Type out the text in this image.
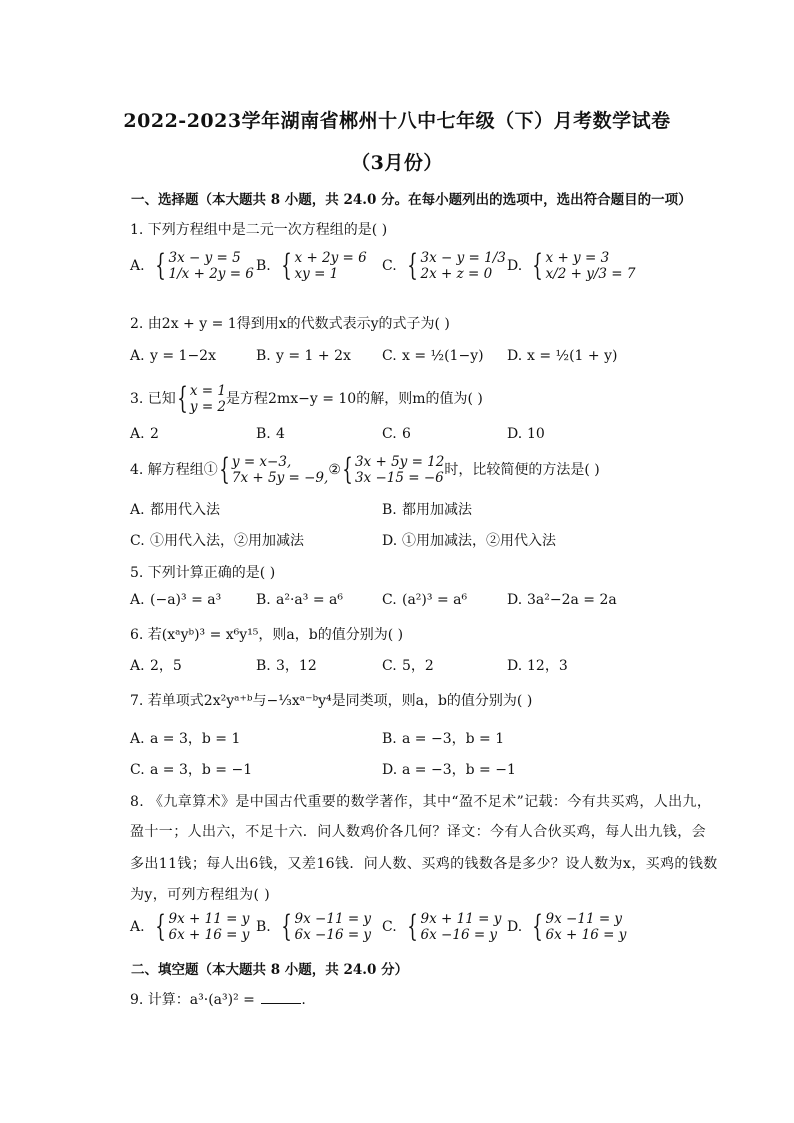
2022-2023学年湖南省郴州十八中七年级（下）月考数学试卷
（3月份）
一、选择题（本大题共 8 小题，共 24.0 分。在每小题列出的选项中，选出符合题目的一项）
1. 下列方程组中是二元一次方程组的是( )
A. { 3x − y = 5
1/x + 2y = 6 B. { x + 2y = 6
xy = 1	C. { 3x − y = 1/3
2x + z = 0	D. { x + y = 3
x/2 + y/3 = 7
2. 由2x + y = 1得到用x的代数式表示y的式子为( )
A. y = 1−2x	B. y = 1 + 2x C. x = ½(1−y) D. x = ½(1 + y)
3. 已知 { x = 1
y = 2 是方程2mx−y = 10的解，则m的值为( )
A. 2	B. 4	C. 6	D. 10
4. 解方程组① { y = x−3,
7x + 5y = −9, ② { 3x + 5y = 12
3x −15 = −6 时，比较简便的方法是( )
A. 都用代入法	B. 都用加减法
C. ①用代入法，②用加减法	D. ①用加减法，②用代入法
5. 下列计算正确的是( )
A. (−a)³ = a³ B. a²·a³ = a⁶	C. (a²)³ = a⁶	D. 3a²−2a = 2a
6. 若(xᵃyᵇ)³ = x⁶y¹⁵，则a，b的值分别为( )
A. 2，5	B. 3，12	C. 5，2	D. 12，3
7. 若单项式2x²yᵃ⁺ᵇ与−⅓xᵃ⁻ᵇy⁴是同类项，则a，b的值分别为( )
A. a = 3，b = 1	B. a = −3，b = 1
C. a = 3，b = −1	D. a = −3，b = −1
8. 《九章算术》是中国古代重要的数学著作，其中“盈不足术”记载：今有共买鸡，人出九，
盈十一；人出六，不足十六．问人数鸡价各几何？译文：今有人合伙买鸡，每人出九钱，会
多出11钱；每人出6钱，又差16钱．问人数、买鸡的钱数各是多少？设人数为x，买鸡的钱数
为y，可列方程组为( )
A. { 9x + 11 = y
6x + 16 = y B. { 9x −11 = y
6x −16 = y C. { 9x + 11 = y
6x −16 = y D. { 9x −11 = y
6x + 16 = y
二、填空题（本大题共 8 小题，共 24.0 分）
9. 计算：a³·(a³)² =	.
